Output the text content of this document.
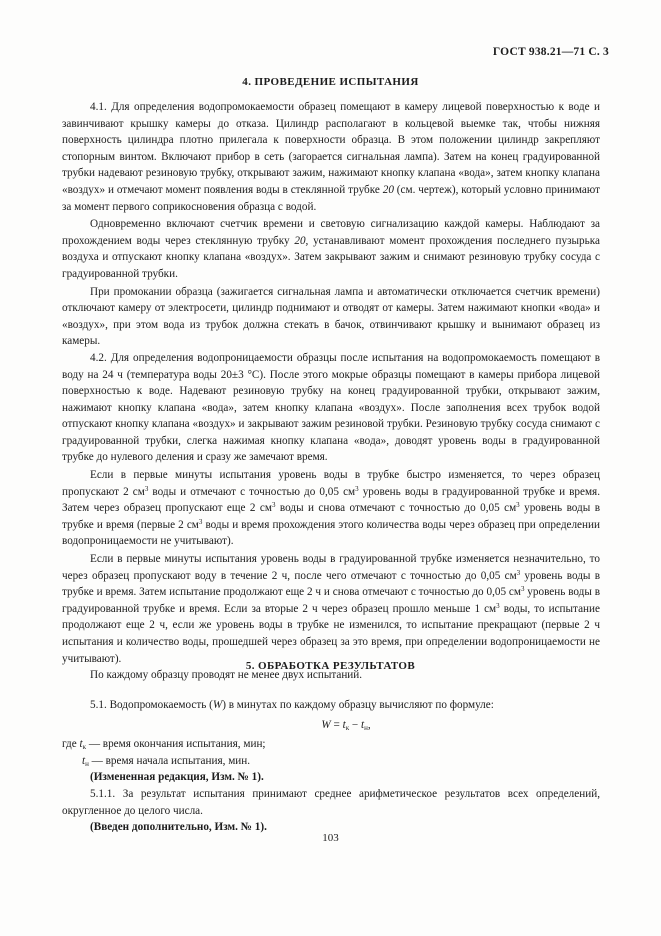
ГОСТ 938.21—71 С. 3
4. ПРОВЕДЕНИЕ ИСПЫТАНИЯ

4.1. Для определения водопромокаемости образец помещают в камеру лицевой поверхностью к воде и завинчивают крышку камеры до отказа. Цилиндр располагают в кольцевой выемке так, чтобы нижняя поверхность цилиндра плотно прилегала к поверхности образца. В этом положении цилиндр закрепляют стопорным винтом. Включают прибор в сеть (загорается сигнальная лампа). Затем на конец градуированной трубки надевают резиновую трубку, открывают зажим, нажимают кнопку клапана «вода», затем кнопку клапана «воздух» и отмечают момент появления воды в стеклянной трубке 20 (см. чертеж), который условно принимают за момент первого соприкосновения образца с водой.

Одновременно включают счетчик времени и световую сигнализацию каждой камеры. Наблюдают за прохождением воды через стеклянную трубку 20, устанавливают момент прохождения последнего пузырька воздуха и отпускают кнопку клапана «воздух». Затем закрывают зажим и снимают резиновую трубку сосуда с градуированной трубки.

При промокании образца (зажигается сигнальная лампа и автоматически отключается счетчик времени) отключают камеру от электросети, цилиндр поднимают и отводят от камеры. Затем нажимают кнопки «вода» и «воздух», при этом вода из трубок должна стекать в бачок, отвинчивают крышку и вынимают образец из камеры.

4.2. Для определения водопроницаемости образцы после испытания на водопромокаемость помещают в воду на 24 ч (температура воды 20±3 °С). После этого мокрые образцы помещают в камеры прибора лицевой поверхностью к воде. Надевают резиновую трубку на конец градуированной трубки, открывают зажим, нажимают кнопку клапана «вода», затем кнопку клапана «воздух». После заполнения всех трубок водой отпускают кнопку клапана «воздух» и закрывают зажим резиновой трубки. Резиновую трубку сосуда снимают с градуированной трубки, слегка нажимая кнопку клапана «вода», доводят уровень воды в градуированной трубке до нулевого деления и сразу же замечают время.

Если в первые минуты испытания уровень воды в трубке быстро изменяется, то через образец пропускают 2 $см^3$ воды и отмечают с точностью до 0,05 $см^3$ уровень воды в градуированной трубке и время. Затем через образец пропускают еще 2 $см^3$ воды и снова отмечают с точностью до 0,05 $см^3$ уровень воды в трубке и время (первые 2 $см^3$ воды и время прохождения этого количества воды через образец при определении водопроницаемости не учитывают).

Если в первые минуты испытания уровень воды в градуированной трубке изменяется незначительно, то через образец пропускают воду в течение 2 ч, после чего отмечают с точностью до 0,05 $см^3$ уровень воды в трубке и время. Затем испытание продолжают еще 2 ч и снова отмечают с точностью до 0,05 $см^3$ уровень воды в градуированной трубке и время. Если за вторые 2 ч через образец прошло меньше 1 $см^3$ воды, то испытание продолжают еще 2 ч, если же уровень воды в трубке не изменился, то испытание прекращают (первые 2 ч испытания и количество воды, прошедшей через образец за это время, при определении водопроницаемости не учитывают).

По каждому образцу проводят не менее двух испытаний.

5. ОБРАБОТКА РЕЗУЛЬТАТОВ

5.1. Водопромокаемость (W) в минутах по каждому образцу вычисляют по формуле:

$W = t_к - t_н$,
где $t_к$ — время окончания испытания, мин;
$t_н$ — время начала испытания, мин.

(Измененная редакция, Изм. № 1).

5.1.1. За результат испытания принимают среднее арифметическое результатов всех определений, округленное до целого числа.

(Введен дополнительно, Изм. № 1).

103
